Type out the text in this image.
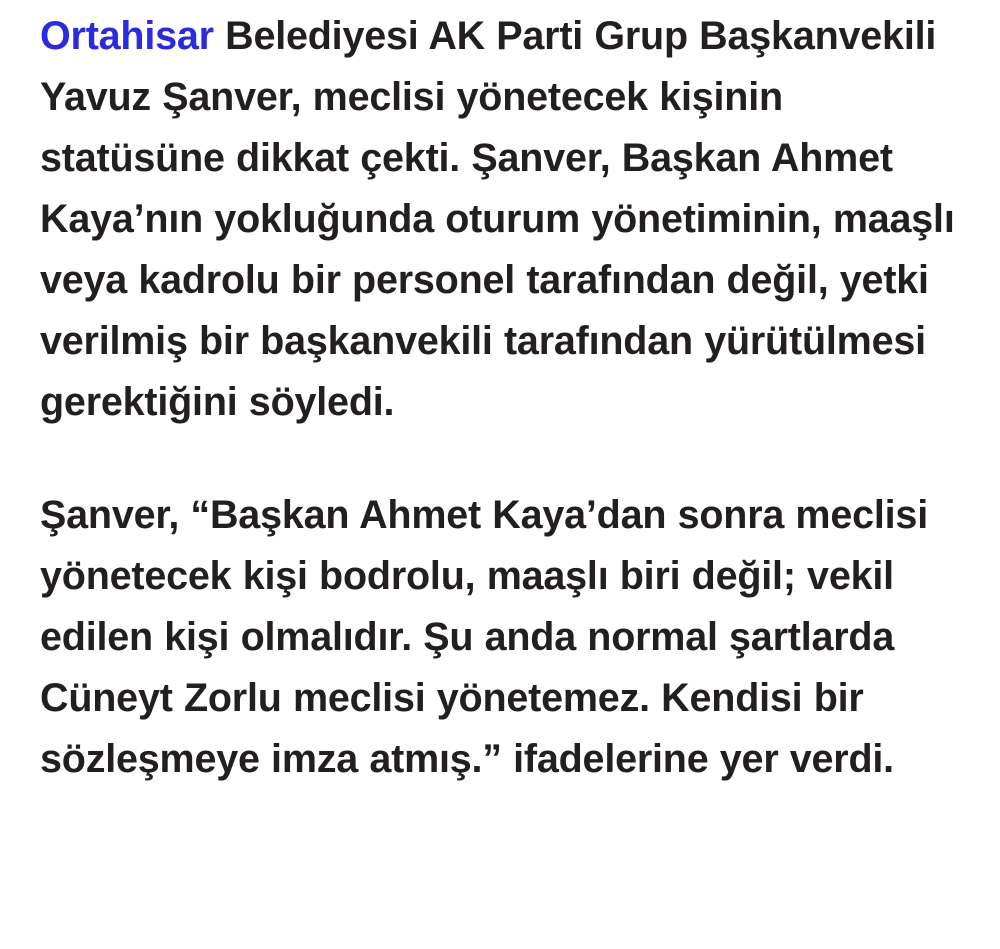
Ortahisar Belediyesi AK Parti Grup Başkanvekili Yavuz Şanver, meclisi yönetecek kişinin statüsüne dikkat çekti. Şanver, Başkan Ahmet Kaya’nın yokluğunda oturum yönetiminin, maaşlı veya kadrolu bir personel tarafından değil, yetki verilmiş bir başkanvekili tarafından yürütülmesi gerektiğini söyledi.

Şanver, “Başkan Ahmet Kaya’dan sonra meclisi yönetecek kişi bodrolu, maaşlı biri değil; vekil edilen kişi olmalıdır. Şu anda normal şartlarda Cüneyt Zorlu meclisi yönetemez. Kendisi bir sözleşmeye imza atmış.” ifadelerine yer verdi.
